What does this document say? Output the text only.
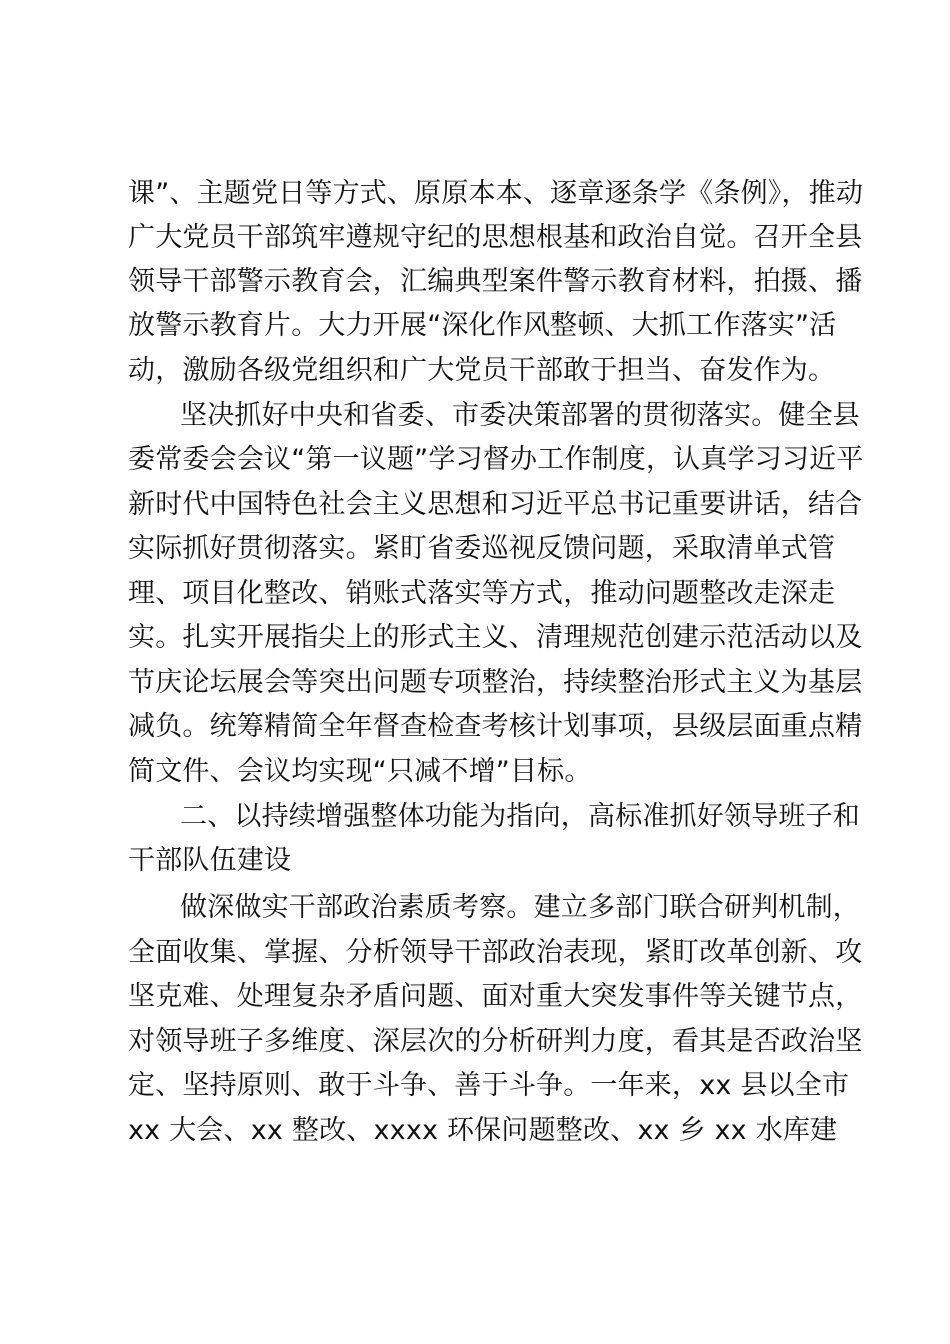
课”、主题党日等方式、原原本本、逐章逐条学《条例》，推动
广大党员干部筑牢遵规守纪的思想根基和政治自觉。召开全县
领导干部警示教育会，汇编典型案件警示教育材料，拍摄、播
放警示教育片。大力开展“深化作风整顿、大抓工作落实”活
动，激励各级党组织和广大党员干部敢于担当、奋发作为。
坚决抓好中央和省委、市委决策部署的贯彻落实。健全县
委常委会会议“第一议题”学习督办工作制度，认真学习习近平
新时代中国特色社会主义思想和习近平总书记重要讲话，结合
实际抓好贯彻落实。紧盯省委巡视反馈问题，采取清单式管
理、项目化整改、销账式落实等方式，推动问题整改走深走
实。扎实开展指尖上的形式主义、清理规范创建示范活动以及
节庆论坛展会等突出问题专项整治，持续整治形式主义为基层
减负。统筹精简全年督查检查考核计划事项，县级层面重点精
简文件、会议均实现“只减不增”目标。
二、以持续增强整体功能为指向，高标准抓好领导班子和
干部队伍建设
做深做实干部政治素质考察。建立多部门联合研判机制，
全面收集、掌握、分析领导干部政治表现，紧盯改革创新、攻
坚克难、处理复杂矛盾问题、面对重大突发事件等关键节点，
对领导班子多维度、深层次的分析研判力度，看其是否政治坚
定、坚持原则、敢于斗争、善于斗争。一年来，xx 县以全市
xx 大会、xx 整改、xxxx 环保问题整改、xx 乡 xx 水库建
